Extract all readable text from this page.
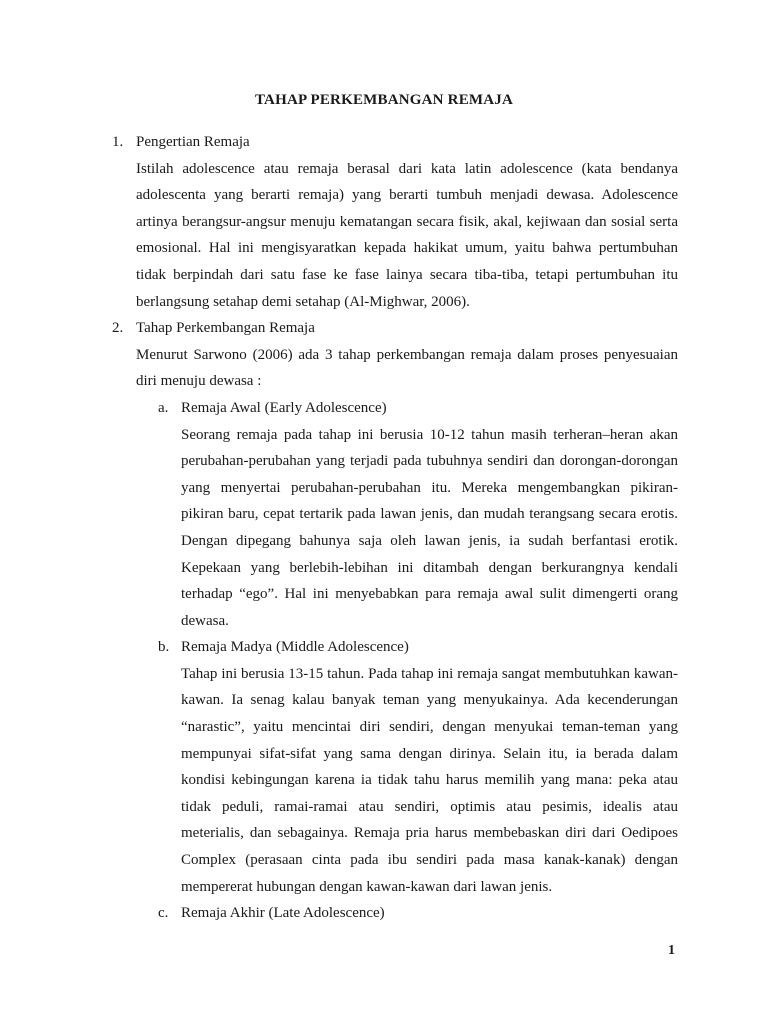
TAHAP PERKEMBANGAN REMAJA
1. Pengertian Remaja

Istilah adolescence atau remaja berasal dari kata latin adolescence (kata bendanya adolescenta yang berarti remaja) yang berarti tumbuh menjadi dewasa. Adolescence artinya berangsur-angsur menuju kematangan secara fisik, akal, kejiwaan dan sosial serta emosional. Hal ini mengisyaratkan kepada hakikat umum, yaitu bahwa pertumbuhan tidak berpindah dari satu fase ke fase lainya secara tiba-tiba, tetapi pertumbuhan itu berlangsung setahap demi setahap (Al-Mighwar, 2006).

2. Tahap Perkembangan Remaja

Menurut Sarwono (2006) ada 3 tahap perkembangan remaja dalam proses penyesuaian diri menuju dewasa :

a. Remaja Awal (Early Adolescence)

Seorang remaja pada tahap ini berusia 10-12 tahun masih terheran–heran akan perubahan-perubahan yang terjadi pada tubuhnya sendiri dan dorongan-dorongan yang menyertai perubahan-perubahan itu. Mereka mengembangkan pikiran-pikiran baru, cepat tertarik pada lawan jenis, dan mudah terangsang secara erotis. Dengan dipegang bahunya saja oleh lawan jenis, ia sudah berfantasi erotik. Kepekaan yang berlebih-lebihan ini ditambah dengan berkurangnya kendali terhadap “ego”. Hal ini menyebabkan para remaja awal sulit dimengerti orang dewasa.

b. Remaja Madya (Middle Adolescence)

Tahap ini berusia 13-15 tahun. Pada tahap ini remaja sangat membutuhkan kawan-kawan. Ia senag kalau banyak teman yang menyukainya. Ada kecenderungan “narastic”, yaitu mencintai diri sendiri, dengan menyukai teman-teman yang mempunyai sifat-sifat yang sama dengan dirinya. Selain itu, ia berada dalam kondisi kebingungan karena ia tidak tahu harus memilih yang mana: peka atau tidak peduli, ramai-ramai atau sendiri, optimis atau pesimis, idealis atau meterialis, dan sebagainya. Remaja pria harus membebaskan diri dari Oedipoes Complex (perasaan cinta pada ibu sendiri pada masa kanak-kanak) dengan mempererat hubungan dengan kawan-kawan dari lawan jenis.

c. Remaja Akhir (Late Adolescence)
1
